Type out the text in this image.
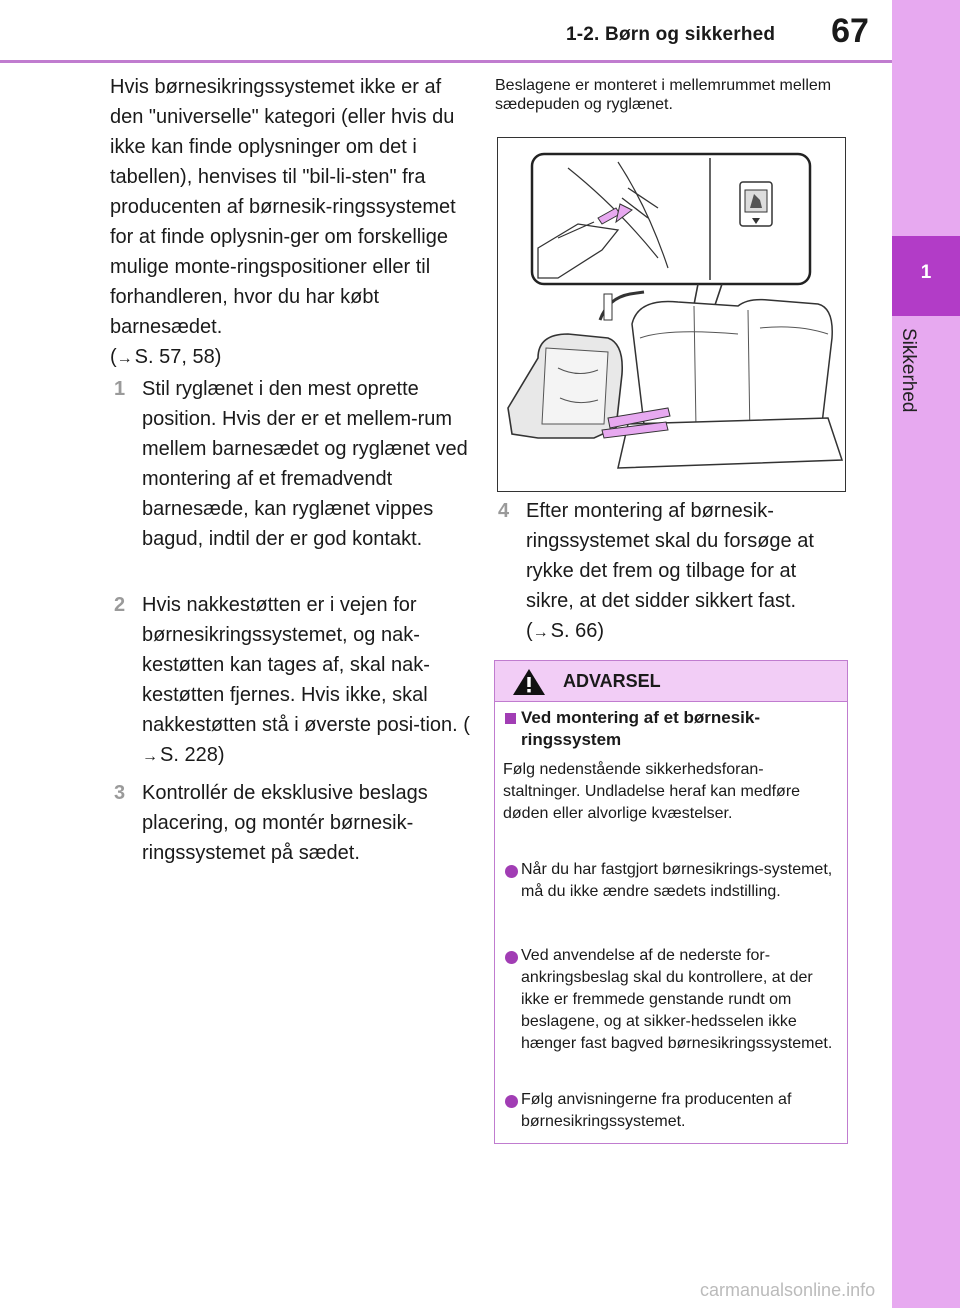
1-2. Børn og sikkerhed	67
1
Sikkerhed

Hvis børnesikringssystemet ikke er af den "universelle" kategori (eller hvis du ikke kan finde oplysninger om det i tabellen), henvises til "bil-li-sten" fra producenten af børnesik-ringssystemet for at finde oplysnin-ger om forskellige mulige monte-ringspositioner eller til forhandleren, hvor du har købt barnesædet.
(→ S. 57, 58)

1 Stil ryglænet i den mest oprette position. Hvis der er et mellem-rum mellem barnesædet og ryglænet ved montering af et fremadvendt barnesæde, kan ryglænet vippes bagud, indtil der er god kontakt.
2 Hvis nakkestøtten er i vejen for børnesikringssystemet, og nak-kestøtten kan tages af, skal nak-kestøtten fjernes. Hvis ikke, skal nakkestøtten stå i øverste posi-tion. (→ S. 228)
3 Kontrollér de eksklusive beslags placering, og montér børnesik-ringssystemet på sædet.

Beslagene er monteret i mellemrummet mellem sædepuden og ryglænet.

4 Efter montering af børnesik-ringssystemet skal du forsøge at rykke det frem og tilbage for at sikre, at det sidder sikkert fast.
(→ S. 66)
ADVARSEL

Ved montering af et børnesik-ringssystem

Følg nedenstående sikkerhedsforan-staltninger. Undladelse heraf kan medføre døden eller alvorlige kvæstelser.

Når du har fastgjort børnesikrings-systemet, må du ikke ændre sædets indstilling.

Ved anvendelse af de nederste for-ankringsbeslag skal du kontrollere, at der ikke er fremmede genstande rundt om beslagene, og at sikker-hedsselen ikke hænger fast bagved børnesikringssystemet.

Følg anvisningerne fra producenten af børnesikringssystemet.

carmanualsonline.info
